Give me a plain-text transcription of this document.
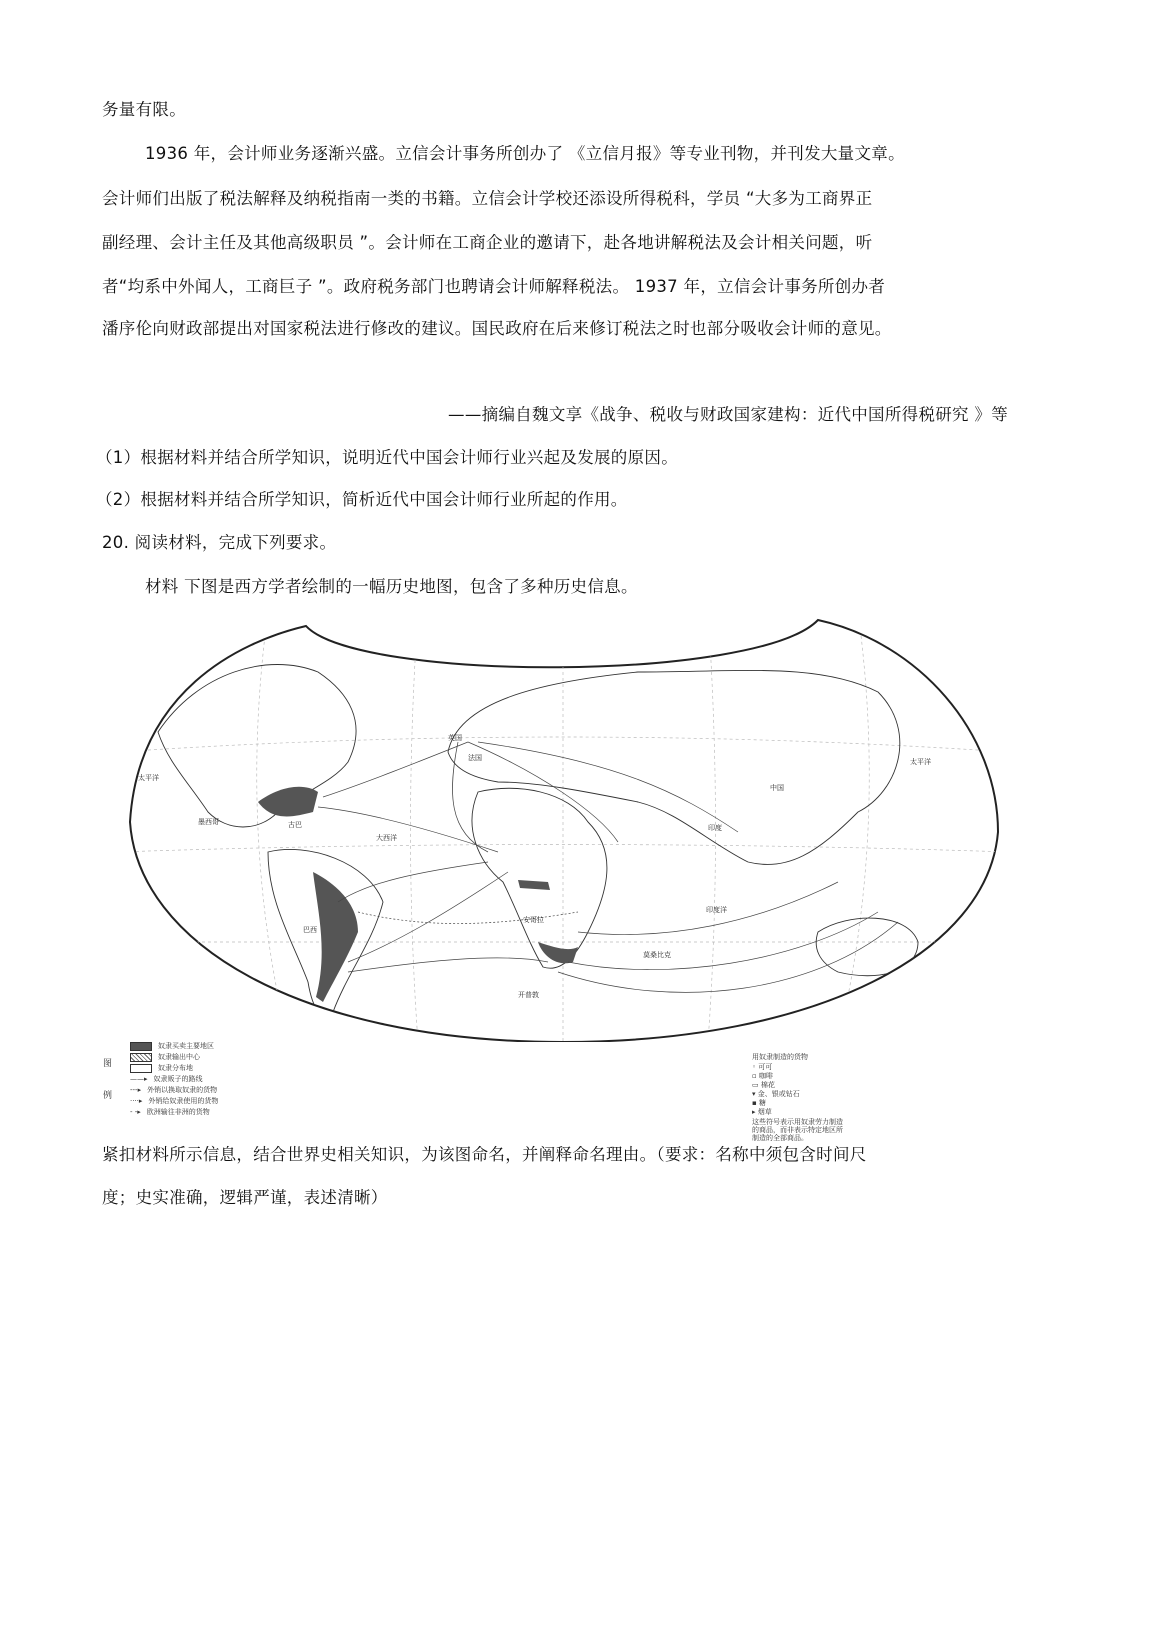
务量有限。
1936 年，会计师业务逐渐兴盛。立信会计事务所创办了 《立信月报》等专业刊物，并刊发大量文章。
会计师们出版了税法解释及纳税指南一类的书籍。立信会计学校还添设所得税科，学员 “大多为工商界正
副经理、会计主任及其他高级职员 ”。会计师在工商企业的邀请下，赴各地讲解税法及会计相关问题，听
者“均系中外闻人，工商巨子 ”。政府税务部门也聘请会计师解释税法。 1937 年，立信会计事务所创办者
潘序伦向财政部提出对国家税法进行修改的建议。国民政府在后来修订税法之时也部分吸收会计师的意见。
——摘编自魏文享《战争、税收与财政国家建构：近代中国所得税研究 》等
（1）根据材料并结合所学知识，说明近代中国会计师行业兴起及发展的原因。
（2）根据材料并结合所学知识，简析近代中国会计师行业所起的作用。
20. 阅读材料，完成下列要求。
材料 下图是西方学者绘制的一幅历史地图，包含了多种历史信息。
太平洋
大西洋
印度洋
太平洋
中国
英国
法国
巴西
墨西哥	古巴
安哥拉
莫桑比克
开普敦
印度
图
例
奴隶买卖主要地区
奴隶输出中心
奴隶分布地
——▸ 奴隶贩子的路线
---▸ 外销以换取奴隶的货物
····▸ 外销给奴隶使用的货物
- -▸ 欧洲输往非洲的货物
用奴隶制造的货物
◦ 可可
▫ 咖啡
▭ 棉花
▾ 金、银或钻石
▪ 糖
▸ 烟草
这些符号表示用奴隶劳力制造
的商品，而非表示特定地区所
制造的全部商品。
紧扣材料所示信息，结合世界史相关知识，为该图命名，并阐释命名理由。（要求：名称中须包含时间尺
度；史实准确，逻辑严谨，表述清晰）
